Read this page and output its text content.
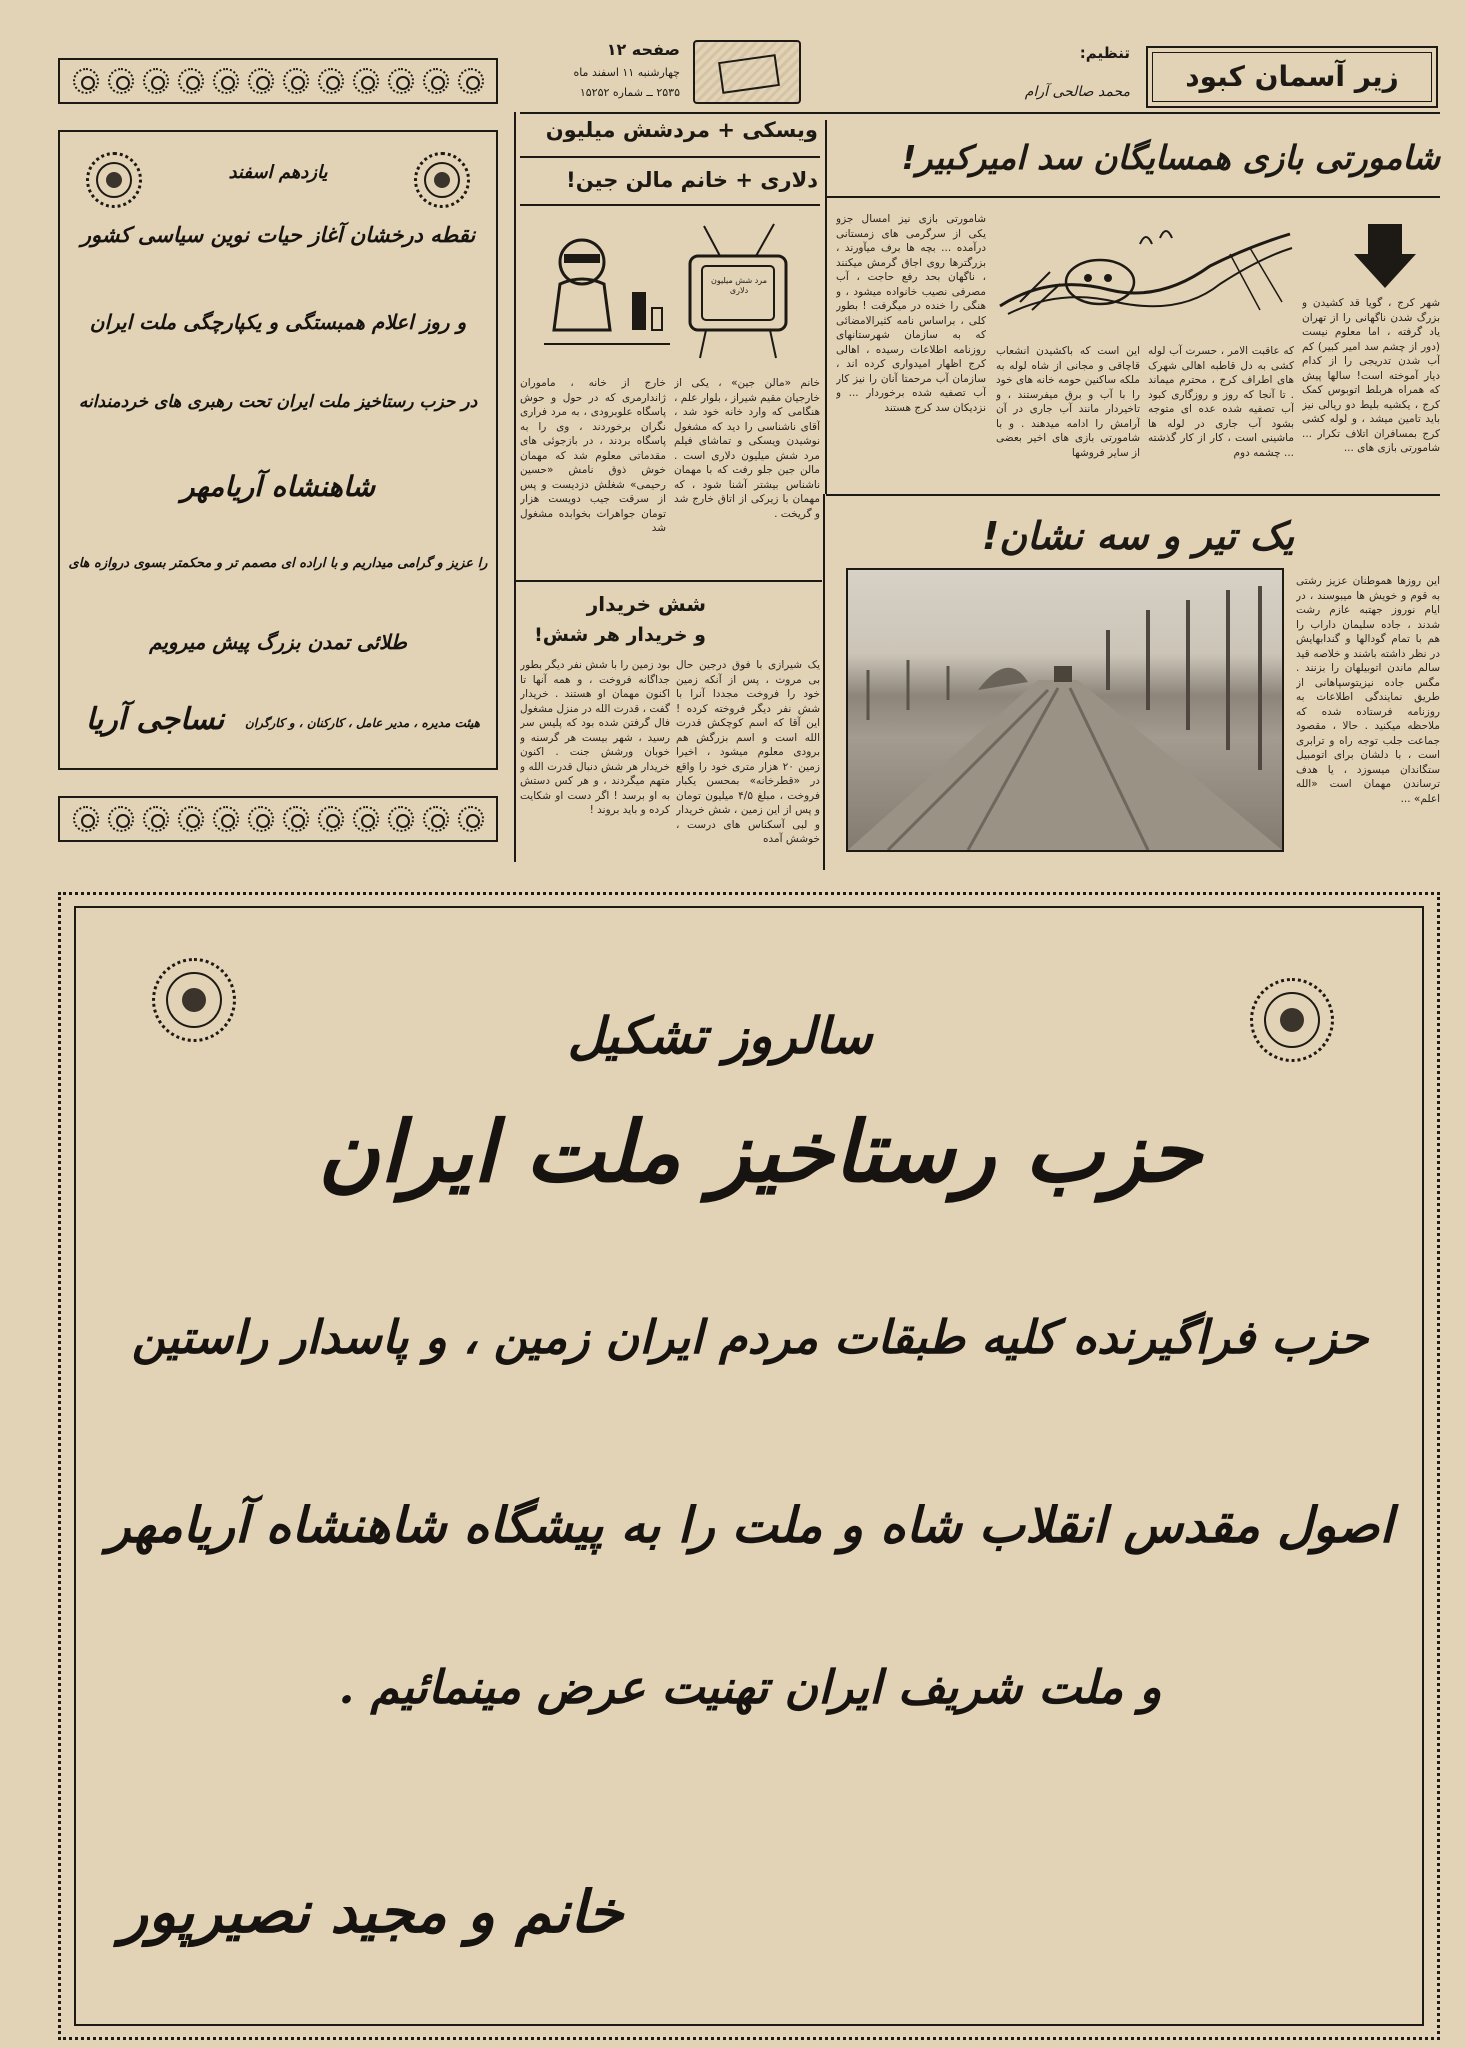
زیر آسمان کبود
تنظیم:
محمد صالحی آرام
صفحه ۱۲
چهارشنبه ۱۱ اسفند ماه
۲۵۳۵ ــ شماره ۱۵۲۵۲
یازدهم اسفند
نقطه درخشان آغاز حیات نوین سیاسی کشور
و روز اعلام همبستگی و یکپارچگی ملت ایران
در حزب رستاخیز ملت ایران تحت رهبری های خردمندانه
شاهنشاه آریامهر
را عزیز و گرامی میداریم و با اراده ای مصمم تر و محکمتر بسوی دروازه های
طلائی تمدن بزرگ پیش میرویم
هیئت مدیره ، مدیر عامل ، کارکنان ، و کارگران
نساجی آریا
شامورتی بازی همسایگان سد امیرکبیر!
شهر کرج ، گویا قد کشیدن و بزرگ شدن ناگهانی را از تهران یاد گرفته ، اما معلوم نیست (دور از چشم سد امیر کبیر) کم آب شدن تدریجی را از کدام دیار آموخته است! سالها پیش که همراه هربلط اتوبوس کمک کرج ، یکشیه بلیط دو ریالی نیز باید تامین میشد ، و لوله کشی کرج بمسافران اتلاف تکرار ... شامورتی بازی های ...
که عاقبت الامر ، حسرت آب لوله کشی به دل قاطبه اهالی شهرک های اطراف کرج ، محترم میماند . تا آنجا که روز و روزگاری کبود آب تصفیه شده عده ای متوجه بشود آب جاری در لوله ها ماشینی است ، کار از کار گذشته ... چشمه دوم
این است که باکشیدن انشعاب قاچاقی و مجانی از شاه لوله به ملکه ساکنین حومه خانه های خود را با آب و برق میفرستند ، و تاخیردار مانند آب جاری در آن آرامش را ادامه میدهند . و با شامورتی بازی های اخیر بعضی از سایر فروشها
شامورتی بازی نیز امسال جزو یکی از سرگرمی های زمستانی درآمده ... بچه ها برف میآورند ، بزرگترها روی اجاق گرمش میکنند ، ناگهان بحد رفع حاجت ، آب مصرفی نصیب خانواده میشود ، و هنگی را خنده در میگرفت ! بطور کلی ، براساس نامه کثیرالامضائی که به سازمان شهرستانهای روزنامه اطلاعات رسیده ، اهالی کرج اظهار امیدواری کرده اند ، سازمان آب مرحمتا آنان را نیز کار آب تصفیه شده برخوردار ... و نزدیکان سد کرج هستند
ویسکی + مردشش میلیون
دلاری + خانم مالن جین!
مرد شش میلیون دلاری
خانم «مالن جین» ، یکی از خارجیان مقیم شیراز ، بلوار علم ، هنگامی که وارد خانه خود شد ، آقای ناشناسی را دید که مشغول نوشیدن ویسکی و تماشای فیلم مرد شش میلیون دلاری است . مالن جین جلو رفت که با مهمان ناشناس بیشتر آشنا شود ، که مهمان با زیرکی از اتاق خارج شد و گریخت .
خارج از خانه ، ماموران ژاندارمری که در حول و حوش پاسگاه علوبرودی ، به مرد فراری نگران برخوردند ، وی را به پاسگاه بردند ، در بازجوئی های مقدماتی معلوم شد که مهمان خوش ذوق نامش «حسین رحیمی» شغلش دزدیست و پس از سرقت جیب دویست هزار تومان جواهرات بخوابده مشغول شد
شش خریدار
و خریدار هر شش!
یک شیرازی با فوق درجین حال بی مروت ، پس از آنکه زمین خود را فروخت مجددا آنرا با شش نفر دیگر فروخته کرده ! این آقا که اسم کوچکش قدرت الله است و اسم بزرگش هم برودی معلوم میشود ، اخیرا زمین ۲۰ هزار متری خود را واقع در «قطرخانه» بمحسن یکبار فروخت ، مبلغ ۴/۵ میلیون تومان و پس از این زمین ، شش خریدار و لبی آسکناس های درست ، خوشش آمده
بود زمین را با شش نفر دیگر بطور جداگانه فروخت ، و همه آنها تا اکنون مهمان او هستند . خریدار گفت ، قدرت الله در منزل مشغول فال گرفتن شده بود که پلیس سر رسید ، شهر بیست هر گرسنه و خوبان ورشش جنت . اکنون خریدار هر شش دنبال قدرت الله و متهم میگردند ، و هر کس دستش به او برسد ! اگر دست او شکایت کرده و باید بروند !
یک تیر و سه نشان!
این روزها هموطنان عزیز رشتی به قوم و خویش ها میبوسند ، در ایام نوروز جهتبه عازم رشت شدند ، جاده سلیمان داراب را هم با تمام گودالها و گندابهایش در نظر داشته باشند و خلاصه قید سالم ماندن اتوبیلهان را بزنند . مگس جاده نیزیتوسپاهانی از طریق نمایندگی اطلاعات به روزنامه فرستاده شده که ملاحظه میکنید . حالا ، مقصود جماعت جلب توجه راه و ترابری است ، با دلشان برای اتومبیل ستگاندان میسوزد ، یا هدف ترساندن مهمان است «الله اعلم» ...
سالروز تشکیل
حزب رستاخیز ملت ایران
حزب فراگیرنده کلیه طبقات مردم ایران زمین ، و پاسدار راستین
اصول مقدس انقلاب شاه و ملت را به پیشگاه شاهنشاه آریامهر
و ملت شریف ایران تهنیت عرض مینمائیم .
خانم و مجید نصیرپور
